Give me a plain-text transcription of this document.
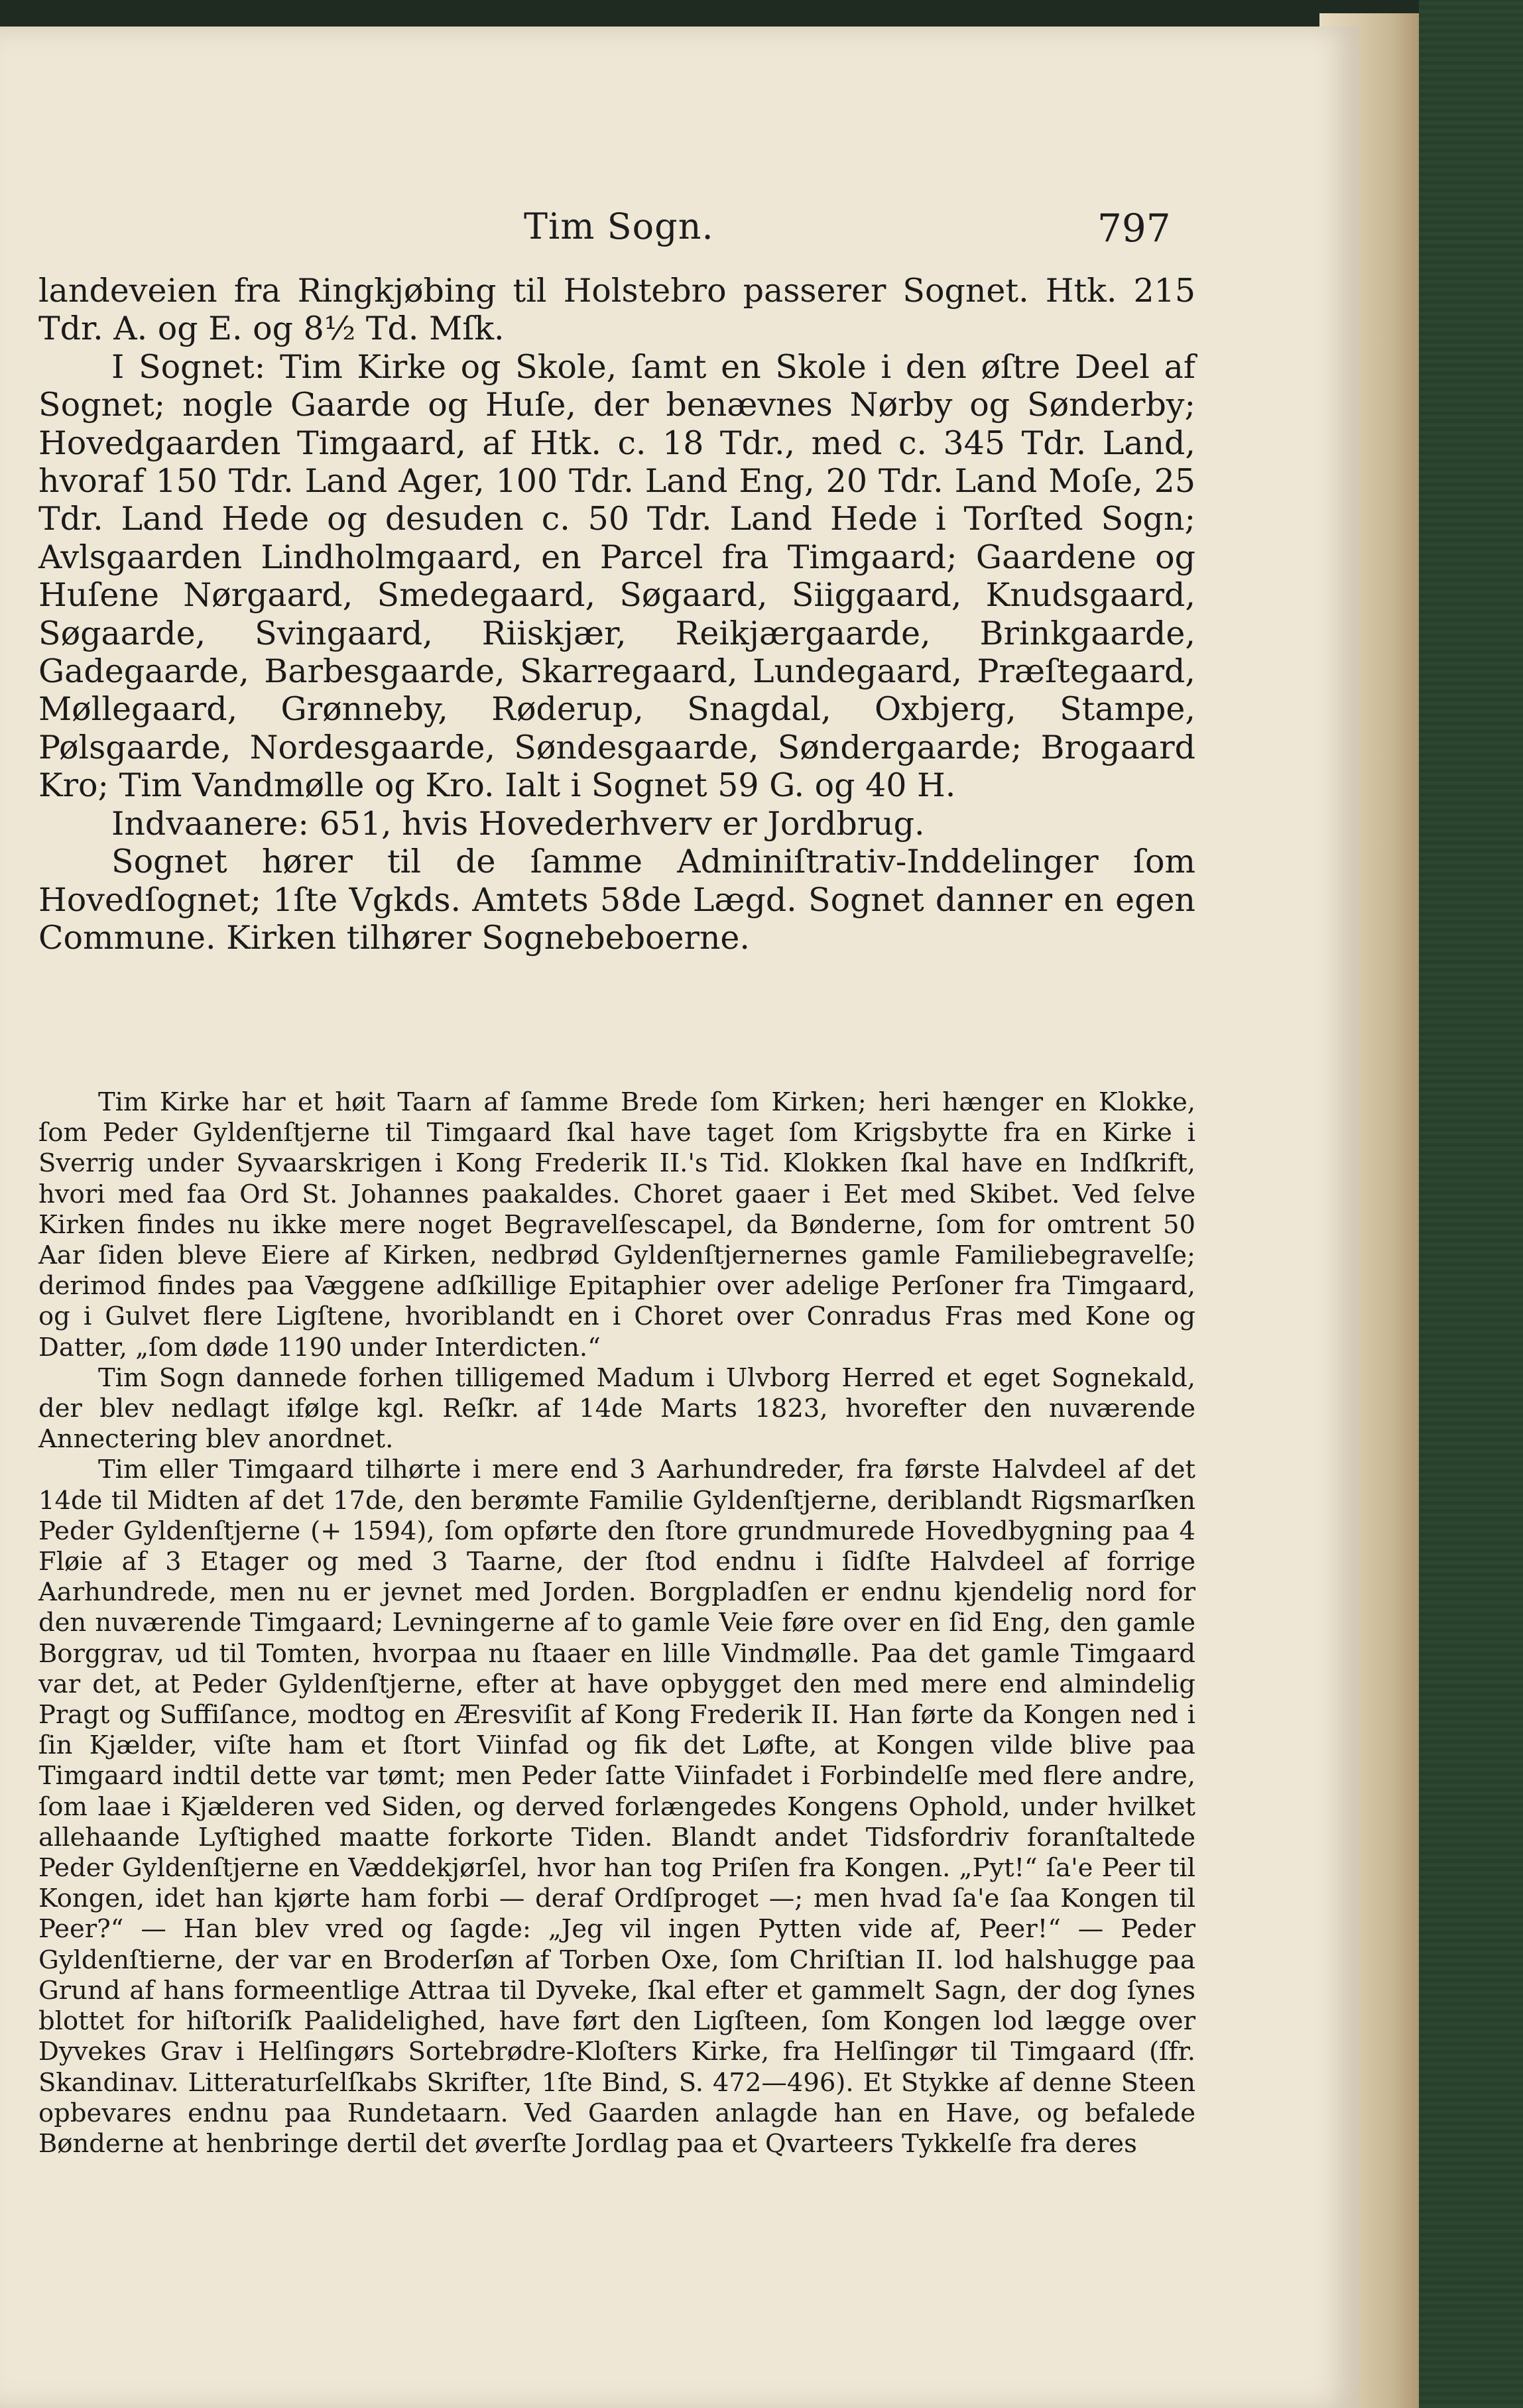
Tim Sogn.	797

landeveien fra Ringkjøbing til Holstebro passerer Sognet. Htk. 215 Tdr. A. og E. og 8½ Td. Mſk.

I Sognet: Tim Kirke og Skole, ſamt en Skole i den øſtre Deel af Sognet; nogle Gaarde og Huſe, der benævnes Nørby og Sønderby; Hovedgaarden Timgaard, af Htk. c. 18 Tdr., med c. 345 Tdr. Land, hvoraf 150 Tdr. Land Ager, 100 Tdr. Land Eng, 20 Tdr. Land Moſe, 25 Tdr. Land Hede og desuden c. 50 Tdr. Land Hede i Torſted Sogn; Avlsgaarden Lindholmgaard, en Parcel fra Timgaard; Gaardene og Huſene Nørgaard, Smedegaard, Søgaard, Siiggaard, Knudsgaard, Søgaarde, Svingaard, Riiskjær, Reikjærgaarde, Brinkgaarde, Gadegaarde, Barbesgaarde, Skarregaard, Lundegaard, Præſtegaard, Møllegaard, Grønneby, Røderup, Snagdal, Oxbjerg, Stampe, Pølsgaarde, Nordesgaarde, Søndesgaarde, Søndergaarde; Brogaard Kro; Tim Vandmølle og Kro. Ialt i Sognet 59 G. og 40 H.

Indvaanere: 651, hvis Hovederhverv er Jordbrug.

Sognet hører til de ſamme Adminiſtrativ-Inddelinger ſom Hovedſognet; 1ſte Vgkds. Amtets 58de Lægd. Sognet danner en egen Commune. Kirken tilhører Sognebeboerne.

Tim Kirke har et høit Taarn af ſamme Brede ſom Kirken; heri hænger en Klokke, ſom Peder Gyldenſtjerne til Timgaard ſkal have taget ſom Krigsbytte fra en Kirke i Sverrig under Syvaarskrigen i Kong Frederik II.'s Tid. Klokken ſkal have en Indſkrift, hvori med faa Ord St. Johannes paakaldes. Choret gaaer i Eet med Skibet. Ved ſelve Kirken findes nu ikke mere noget Begravelſescapel, da Bønderne, ſom for omtrent 50 Aar ſiden bleve Eiere af Kirken, nedbrød Gyldenſtjernernes gamle Familiebegravelſe; derimod findes paa Væggene adſkillige Epitaphier over adelige Perſoner fra Timgaard, og i Gulvet flere Ligſtene, hvoriblandt en i Choret over Conradus Fras med Kone og Datter, „ſom døde 1190 under Interdicten.“

Tim Sogn dannede forhen tilligemed Madum i Ulvborg Herred et eget Sognekald, der blev nedlagt ifølge kgl. Reſkr. af 14de Marts 1823, hvorefter den nuværende Annectering blev anordnet.

Tim eller Timgaard tilhørte i mere end 3 Aarhundreder, fra første Halvdeel af det 14de til Midten af det 17de, den berømte Familie Gyldenſtjerne, deriblandt Rigsmarſken Peder Gyldenſtjerne (+ 1594), ſom opførte den ſtore grundmurede Hovedbygning paa 4 Fløie af 3 Etager og med 3 Taarne, der ſtod endnu i ſidſte Halvdeel af forrige Aarhundrede, men nu er jevnet med Jorden. Borgpladſen er endnu kjendelig nord for den nuværende Timgaard; Levningerne af to gamle Veie føre over en ſid Eng, den gamle Borggrav, ud til Tomten, hvorpaa nu ſtaaer en lille Vindmølle. Paa det gamle Timgaard var det, at Peder Gyldenſtjerne, efter at have opbygget den med mere end almindelig Pragt og Suffiſance, modtog en Æresviſit af Kong Frederik II. Han førte da Kongen ned i ſin Kjælder, viſte ham et ſtort Viinfad og fik det Løfte, at Kongen vilde blive paa Timgaard indtil dette var tømt; men Peder ſatte Viinfadet i Forbindelſe med flere andre, ſom laae i Kjælderen ved Siden, og derved forlængedes Kongens Ophold, under hvilket allehaande Lyſtighed maatte forkorte Tiden. Blandt andet Tidsfordriv foranſtaltede Peder Gyldenſtjerne en Væddekjørſel, hvor han tog Priſen fra Kongen. „Pyt!“ ſa'e Peer til Kongen, idet han kjørte ham forbi — deraf Ordſproget —; men hvad ſa'e ſaa Kongen til Peer?“ — Han blev vred og ſagde: „Jeg vil ingen Pytten vide af, Peer!“ — Peder Gyldenſtierne, der var en Broderſøn af Torben Oxe, ſom Chriſtian II. lod halshugge paa Grund af hans formeentlige Attraa til Dyveke, ſkal efter et gammelt Sagn, der dog ſynes blottet for hiſtoriſk Paalidelighed, have ført den Ligſteen, ſom Kongen lod lægge over Dyvekes Grav i Helſingørs Sortebrødre-Kloſters Kirke, fra Helſingør til Timgaard (ſfr. Skandinav. Litteraturſelſkabs Skrifter, 1ſte Bind, S. 472—496). Et Stykke af denne Steen opbevares endnu paa Rundetaarn. Ved Gaarden anlagde han en Have, og befalede Bønderne at henbringe dertil det øverſte Jordlag paa et Qvarteers Tykkelſe fra deres
